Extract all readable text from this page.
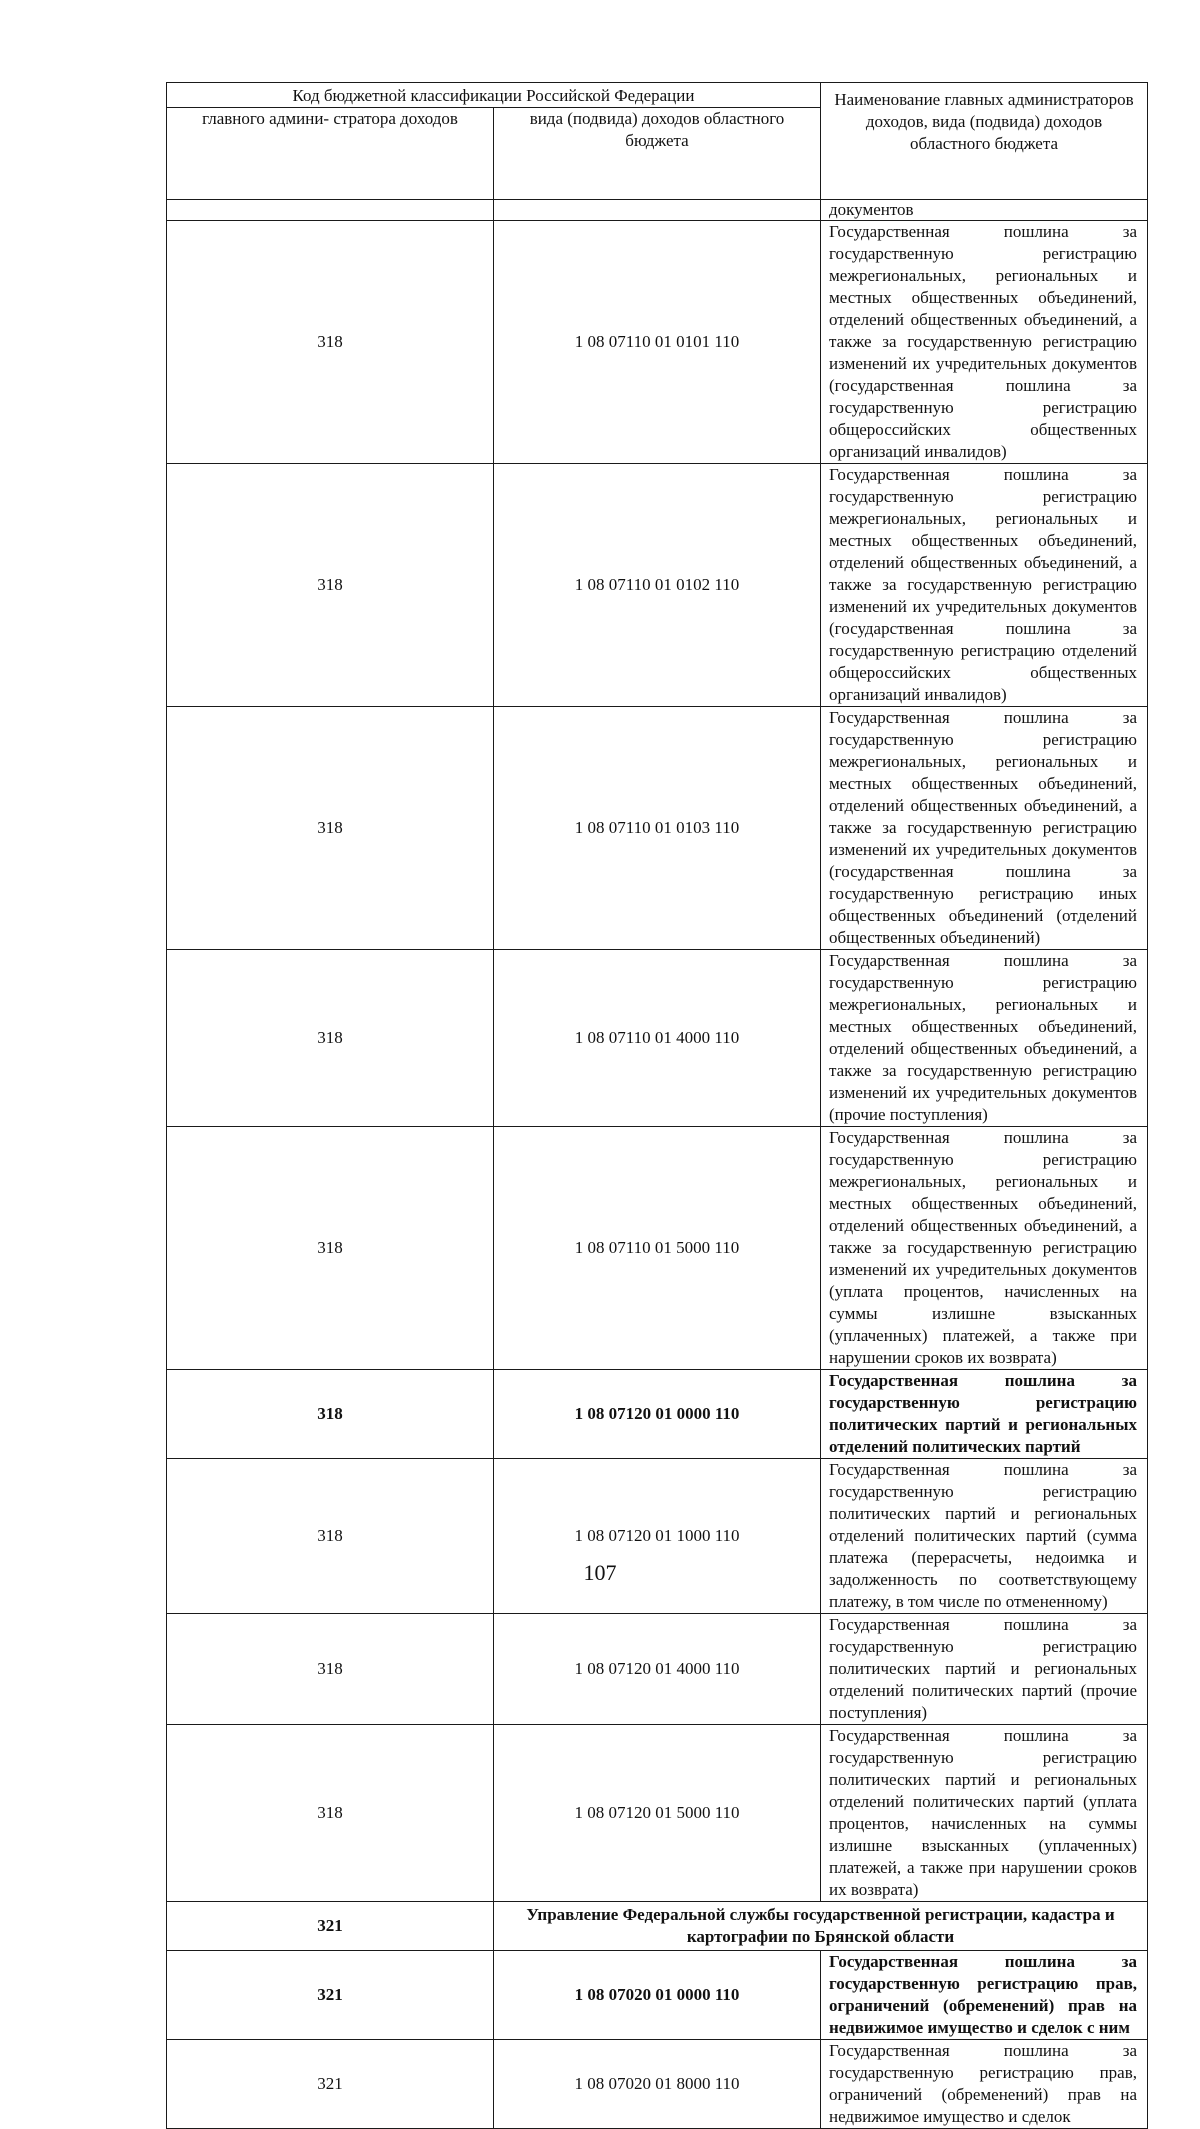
Код бюджетной классификации Российской Федерации		Наименование главных администраторов доходов, вида (подвида) доходов областного бюджета
главного админи- стратора доходов	вида (подвида) доходов областного бюджета	
		документов
318	1 08 07110 01 0101 110	Государственная пошлина за государственную регистрацию межрегиональных, региональных и местных общественных объединений, отделений общественных объединений, а также за государственную регистрацию изменений их учредительных документов (государственная пошлина за государственную регистрацию общероссийских общественных организаций инвалидов)
318	1 08 07110 01 0102 110	Государственная пошлина за государственную регистрацию межрегиональных, региональных и местных общественных объединений, отделений общественных объединений, а также за государственную регистрацию изменений их учредительных документов (государственная пошлина за государственную регистрацию отделений общероссийских общественных организаций инвалидов)
318	1 08 07110 01 0103 110	Государственная пошлина за государственную регистрацию межрегиональных, региональных и местных общественных объединений, отделений общественных объединений, а также за государственную регистрацию изменений их учредительных документов (государственная пошлина за государственную регистрацию иных общественных объединений (отделений общественных объединений)
318	1 08 07110 01 4000 110	Государственная пошлина за государственную регистрацию межрегиональных, региональных и местных общественных объединений, отделений общественных объединений, а также за государственную регистрацию изменений их учредительных документов (прочие поступления)
318	1 08 07110 01 5000 110	Государственная пошлина за государственную регистрацию межрегиональных, региональных и местных общественных объединений, отделений общественных объединений, а также за государственную регистрацию изменений их учредительных документов (уплата процентов, начисленных на суммы излишне взысканных (уплаченных) платежей, а также при нарушении сроков их возврата)
318	1 08 07120 01 0000 110	Государственная пошлина за государственную регистрацию политических партий и региональных отделений политических партий
318	1 08 07120 01 1000 110	Государственная пошлина за государственную регистрацию политических партий и региональных отделений политических партий (сумма платежа (перерасчеты, недоимка и задолженность по соответствующему платежу, в том числе по отмененному)
318	1 08 07120 01 4000 110	Государственная пошлина за государственную регистрацию политических партий и региональных отделений политических партий (прочие поступления)
318	1 08 07120 01 5000 110	Государственная пошлина за государственную регистрацию политических партий и региональных отделений политических партий (уплата процентов, начисленных на суммы излишне взысканных (уплаченных) платежей, а также при нарушении сроков их возврата)
321	Управление Федеральной службы государственной регистрации, кадастра и картографии по Брянской области	
321	1 08 07020 01 0000 110	Государственная пошлина за государственную регистрацию прав, ограничений (обременений) прав на недвижимое имущество и сделок с ним
321	1 08 07020 01 8000 110	Государственная пошлина за государственную регистрацию прав, ограничений (обременений) прав на недвижимое имущество и сделок
107
